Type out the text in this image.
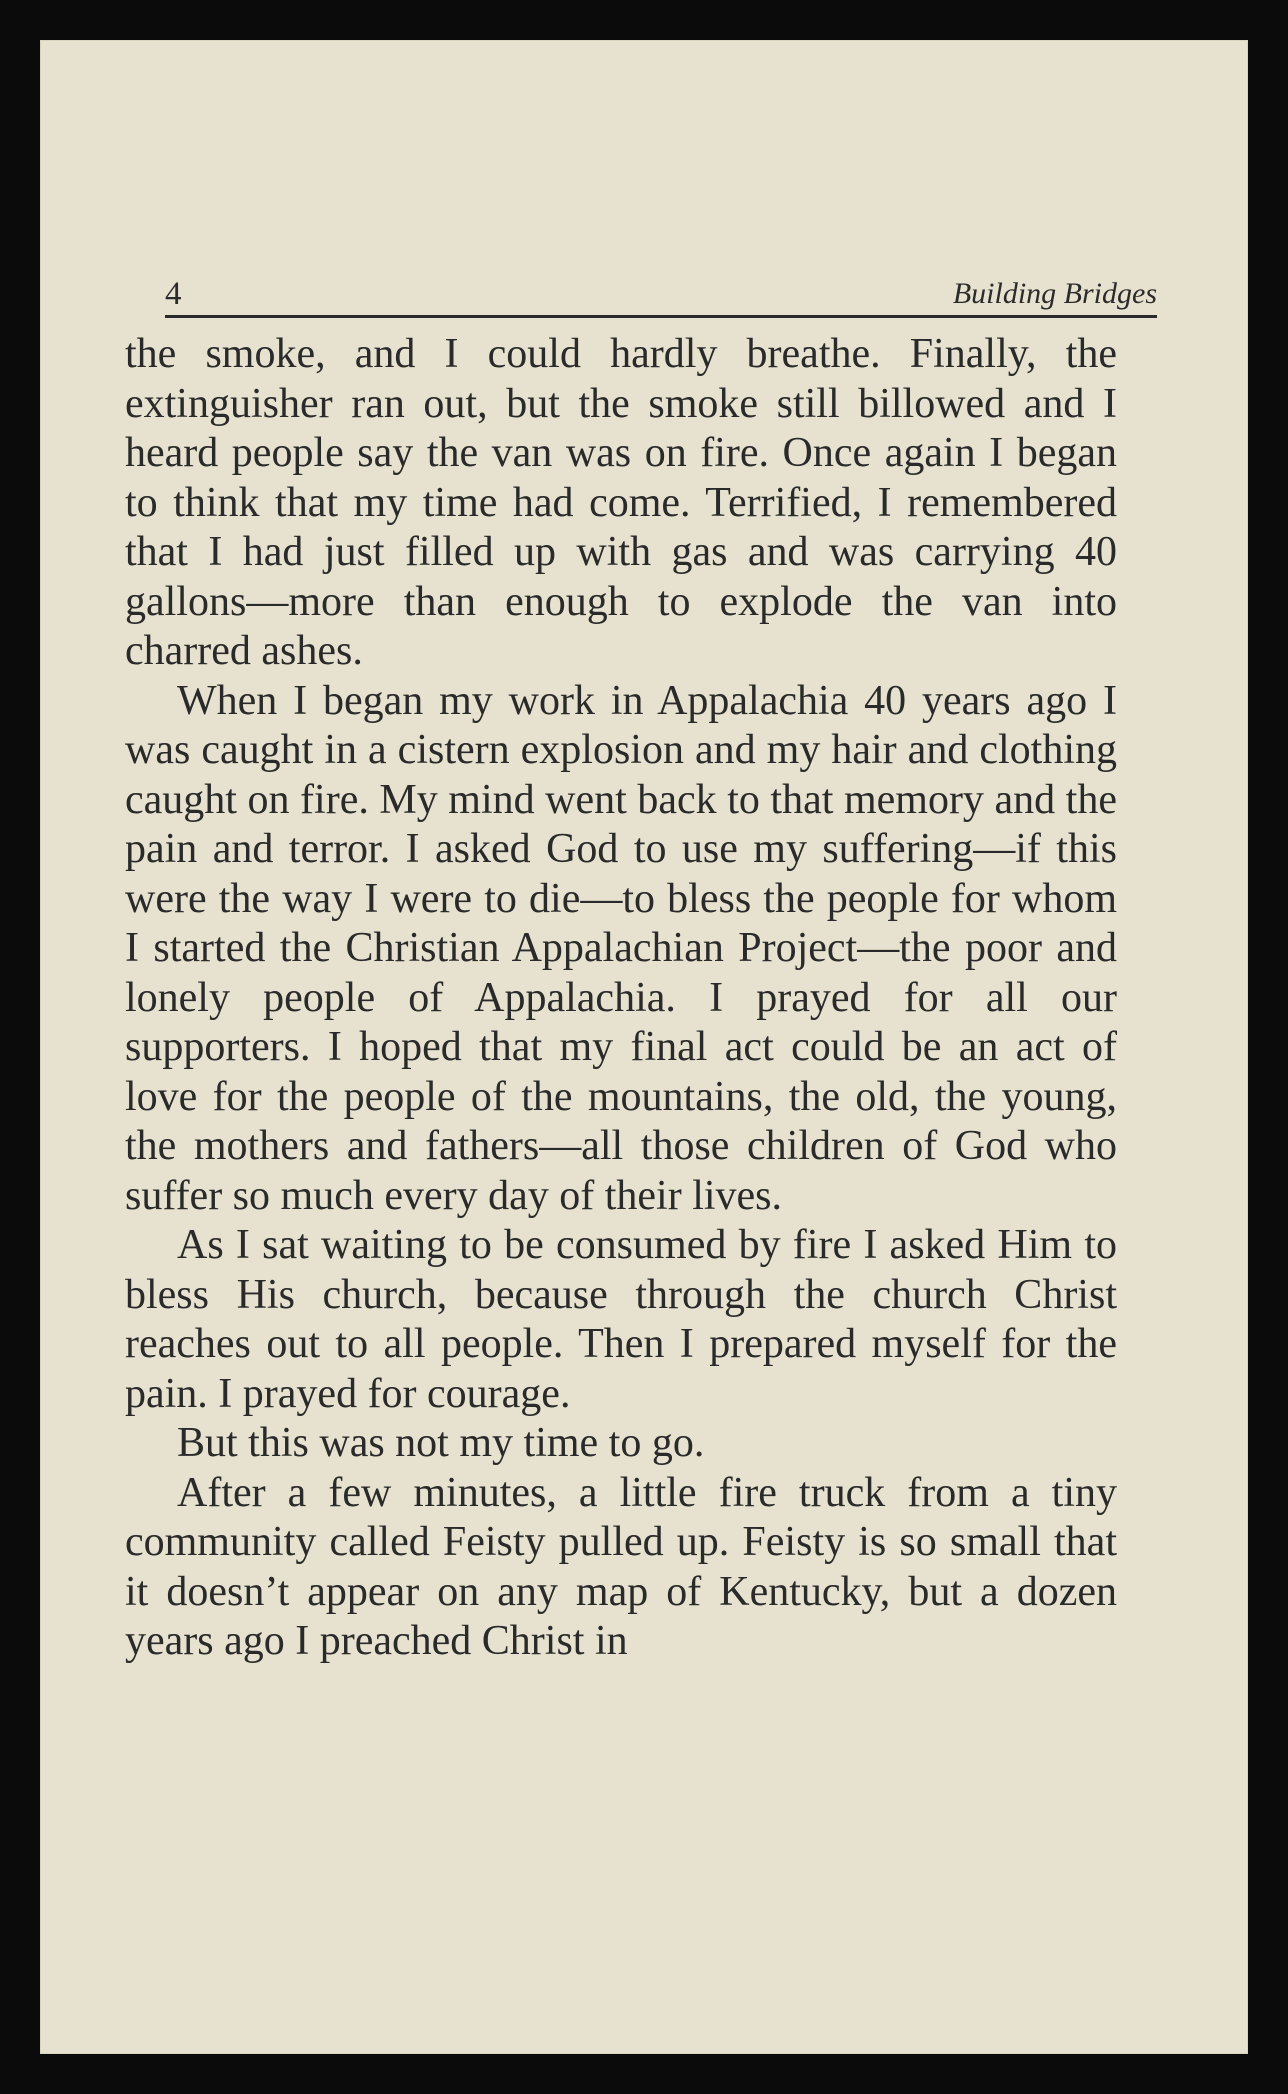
4	Building Bridges

the smoke, and I could hardly breathe. Finally, the extinguisher ran out, but the smoke still billowed and I heard people say the van was on fire. Once again I began to think that my time had come. Terrified, I remembered that I had just filled up with gas and was carrying 40 gallons—more than enough to explode the van into charred ashes.

When I began my work in Appalachia 40 years ago I was caught in a cistern explosion and my hair and clothing caught on fire. My mind went back to that memory and the pain and terror. I asked God to use my suffering—if this were the way I were to die—to bless the people for whom I started the Christian Appalachian Project—the poor and lonely people of Appalachia. I prayed for all our supporters. I hoped that my final act could be an act of love for the people of the mountains, the old, the young, the mothers and fathers—all those children of God who suffer so much every day of their lives.

As I sat waiting to be consumed by fire I asked Him to bless His church, because through the church Christ reaches out to all people. Then I prepared myself for the pain. I prayed for courage.

But this was not my time to go.

After a few minutes, a little fire truck from a tiny community called Feisty pulled up. Feisty is so small that it doesn’t appear on any map of Kentucky, but a dozen years ago I preached Christ in
